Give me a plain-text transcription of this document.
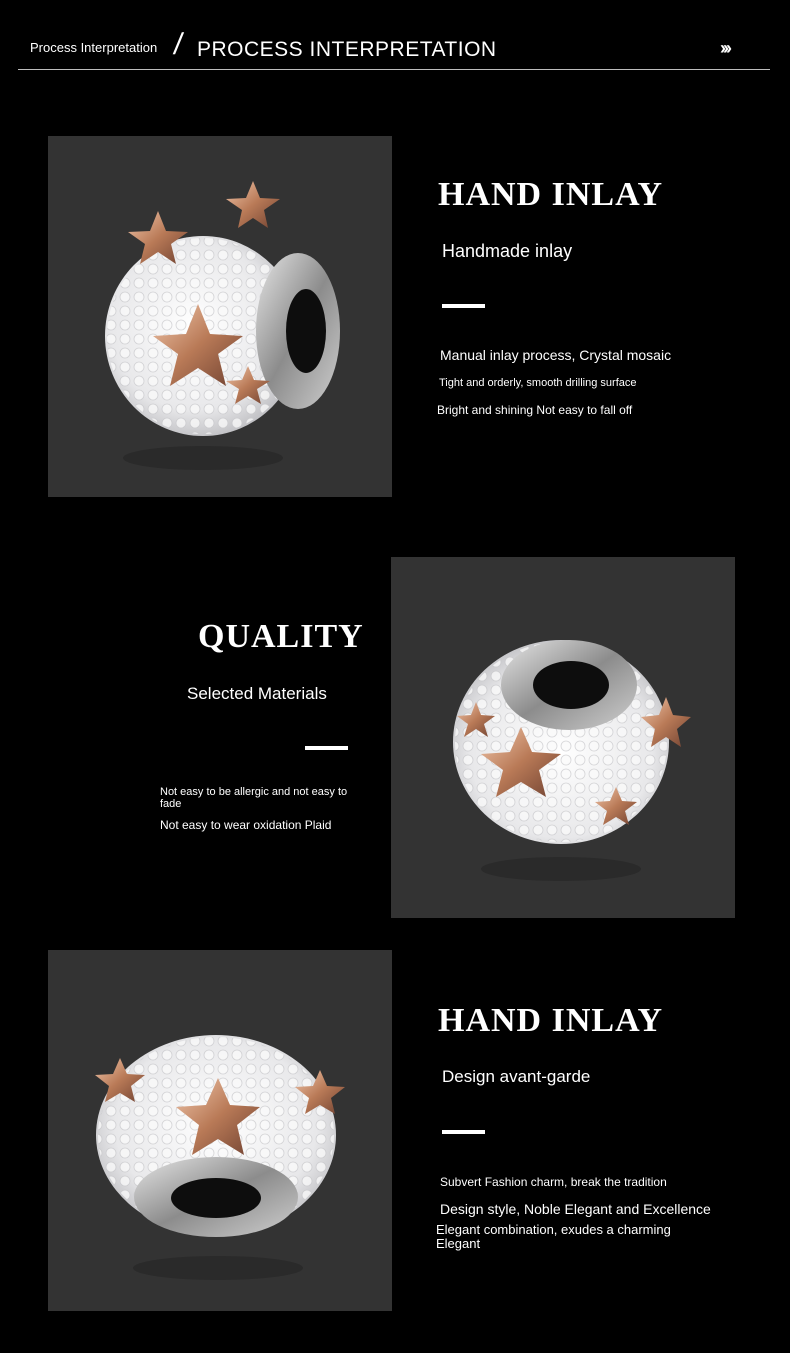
Process Interpretation / PROCESS INTERPRETATION	›››
HAND INLAY
Handmade inlay
Manual inlay process, Crystal mosaic
Tight and orderly, smooth drilling surface
Bright and shining Not easy to fall off
QUALITY
Selected Materials
Not easy to be allergic and not easy to
fade
Not easy to wear oxidation Plaid
HAND INLAY
Design avant-garde
Subvert Fashion charm, break the tradition
Design style, Noble Elegant and Excellence
Elegant combination, exudes a charming
Elegant
